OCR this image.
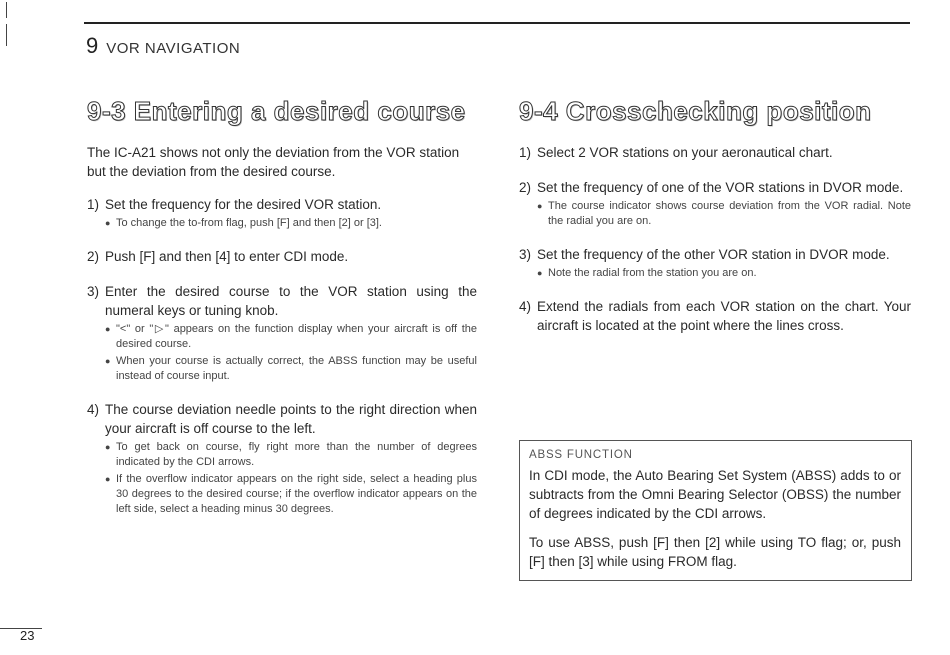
9 VOR NAVIGATION
9-3 Entering a desired course

The IC-A21 shows not only the deviation from the VOR station but the deviation from the desired course.

1) Set the frequency for the desired VOR station.
● To change the to-from flag, push [F] and then [2] or [3].
2) Push [F] and then [4] to enter CDI mode.
3) Enter the desired course to the VOR station using the numeral keys or tuning knob.
● "<" or "▷" appears on the function display when your aircraft is off the desired course.
● When your course is actually correct, the ABSS function may be useful instead of course input.
4) The course deviation needle points to the right direction when your aircraft is off course to the left.
● To get back on course, fly right more than the number of degrees indicated by the CDI arrows.
● If the overflow indicator appears on the right side, select a heading plus 30 degrees to the desired course; if the overflow indicator appears on the left side, select a heading minus 30 degrees.
9-4 Crosschecking position
1) Select 2 VOR stations on your aeronautical chart.
2) Set the frequency of one of the VOR stations in DVOR mode.
● The course indicator shows course deviation from the VOR radial. Note the radial you are on.
3) Set the frequency of the other VOR station in DVOR mode.
● Note the radial from the station you are on.
4) Extend the radials from each VOR station on the chart. Your aircraft is located at the point where the lines cross.
ABSS FUNCTION

In CDI mode, the Auto Bearing Set System (ABSS) adds to or subtracts from the Omni Bearing Selector (OBSS) the number of degrees indicated by the CDI arrows.

To use ABSS, push [F] then [2] while using TO flag; or, push [F] then [3] while using FROM flag.

23
